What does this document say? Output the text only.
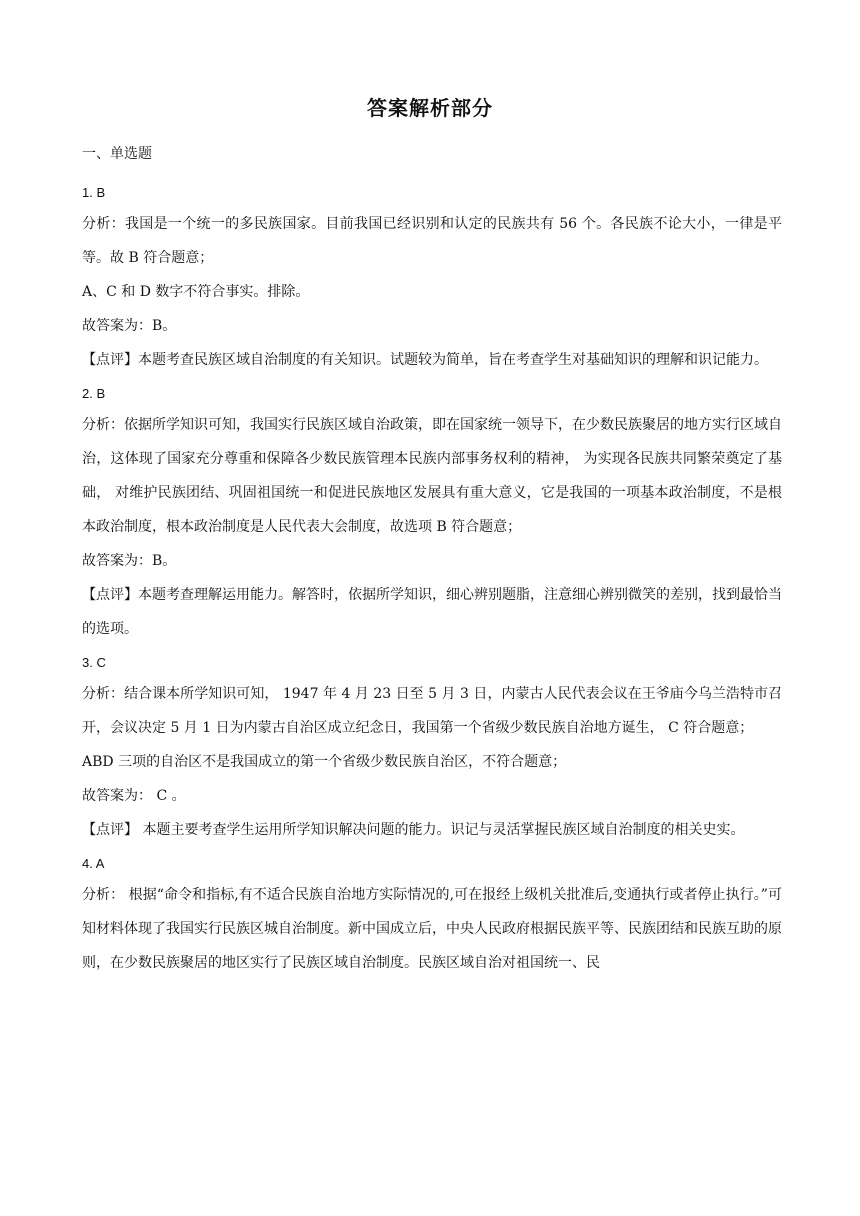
答案解析部分
一、单选题
1. B

分析：我国是一个统一的多民族国家。目前我国已经识别和认定的民族共有 56 个。各民族不论大小，一律是平等。故 B 符合题意；

A、C 和 D 数字不符合事实。排除。

故答案为：B。

【点评】本题考查民族区域自治制度的有关知识。试题较为简单，旨在考查学生对基础知识的理解和识记能力。

2. B

分析：依据所学知识可知，我国实行民族区域自治政策，即在国家统一领导下，在少数民族聚居的地方实行区域自治，这体现了国家充分尊重和保障各少数民族管理本民族内部事务权利的精神， 为实现各民族共同繁荣奠定了基础， 对维护民族团结、巩固祖国统一和促进民族地区发展具有重大意义，它是我国的一项基本政治制度，不是根本政治制度，根本政治制度是人民代表大会制度，故选项 B 符合题意；

故答案为：B。

【点评】本题考查理解运用能力。解答时，依据所学知识，细心辨别题脂，注意细心辨别微笑的差别，找到最恰当的选项。

3. C

分析：结合课本所学知识可知， 1947 年 4 月 23 日至 5 月 3 日，内蒙古人民代表会议在王爷庙今乌兰浩特市召开，会议决定 5 月 1 日为内蒙古自治区成立纪念日，我国第一个省级少数民族自治地方诞生， C 符合题意；

ABD 三项的自治区不是我国成立的第一个省级少数民族自治区，不符合题意；

故答案为： C 。

【点评】 本题主要考查学生运用所学知识解决问题的能力。识记与灵活掌握民族区域自治制度的相关史实。

4. A

分析： 根据“命令和指标,有不适合民族自治地方实际情况的,可在报经上级机关批准后,变通执行或者停止执行。”可知材料体现了我国实行民族区城自治制度。新中国成立后，中央人民政府根据民族平等、民族团结和民族互助的原则，在少数民族聚居的地区实行了民族区域自治制度。民族区域自治对祖国统一、民
